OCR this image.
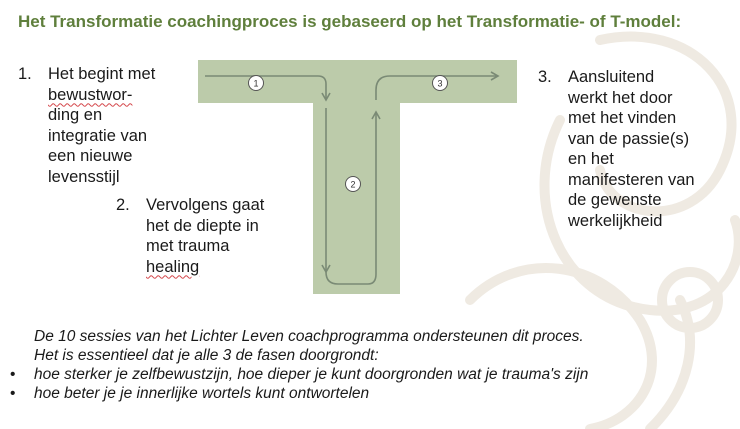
Het Transformatie coachingproces is gebaseerd op het Transformatie- of T-model:
1
2
3
1. Het begint met
bewustwor-
ding en
integratie van
een nieuwe
levensstijl
2. Vervolgens gaat
het de diepte in
met trauma
healing
3. Aansluitend
werkt het door
met het vinden
van de passie(s)
en het
manifesteren van
de gewenste
werkelijkheid

De 10 sessies van het Lichter Leven coachprogramma ondersteunen dit proces.

Het is essentieel dat je alle 3 de fasen doorgrondt:

• hoe sterker je zelfbewustzijn, hoe dieper je kunt doorgronden wat je trauma's zijn
• hoe beter je je innerlijke wortels kunt ontwortelen
